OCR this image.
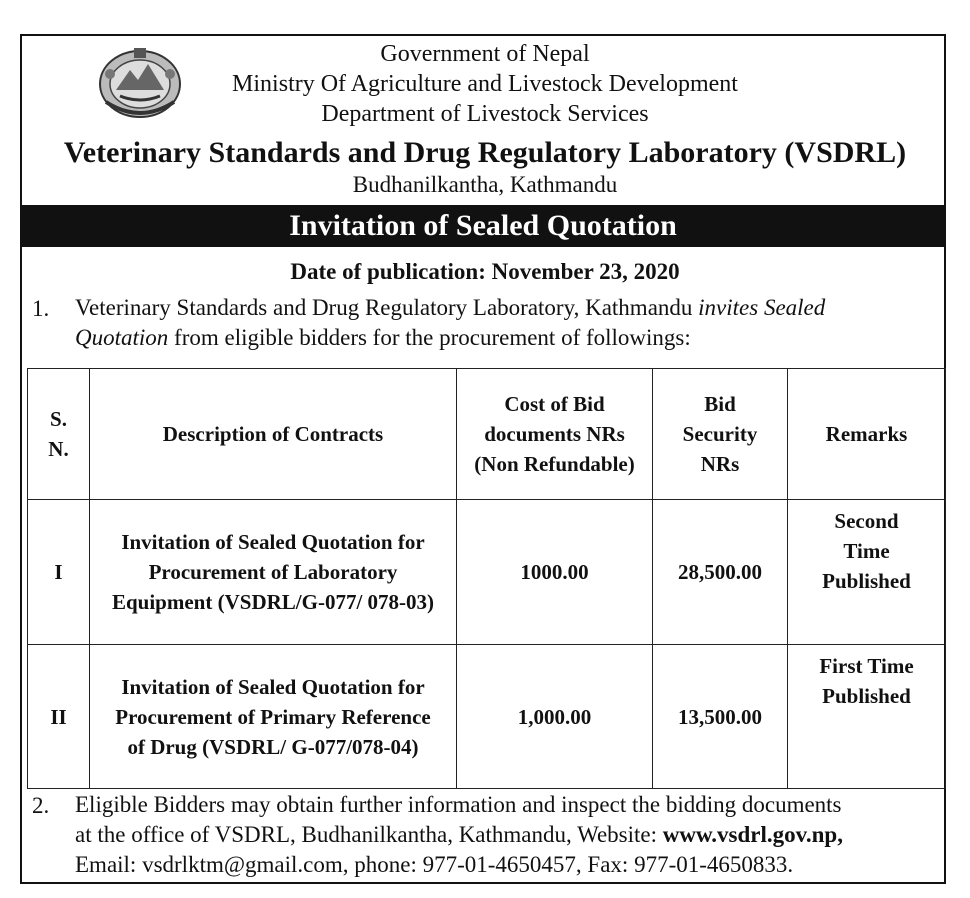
Government of Nepal
Ministry Of Agriculture and Livestock Development
Department of Livestock Services
Veterinary Standards and Drug Regulatory Laboratory (VSDRL)
Budhanilkantha, Kathmandu
Invitation of Sealed Quotation
Date of publication: November 23, 2020
1. Veterinary Standards and Drug Regulatory Laboratory, Kathmandu invites Sealed
Quotation from eligible bidders for the procurement of followings:
S. N.	Description of Contracts	Cost of Bid documents NRs (Non Refundable)	Bid Security NRs	Remarks
I	Invitation of Sealed Quotation for Procurement of Laboratory Equipment (VSDRL/G-077/ 078-03)	1000.00	28,500.00	Second Time Published
II	Invitation of Sealed Quotation for Procurement of Primary Reference of Drug (VSDRL/ G-077/078-04)	1,000.00	13,500.00	First Time Published
2. Eligible Bidders may obtain further information and inspect the bidding documents
at the office of VSDRL, Budhanilkantha, Kathmandu, Website: www.vsdrl.gov.np,
Email: vsdrlktm@gmail.com, phone: 977-01-4650457, Fax: 977-01-4650833.
